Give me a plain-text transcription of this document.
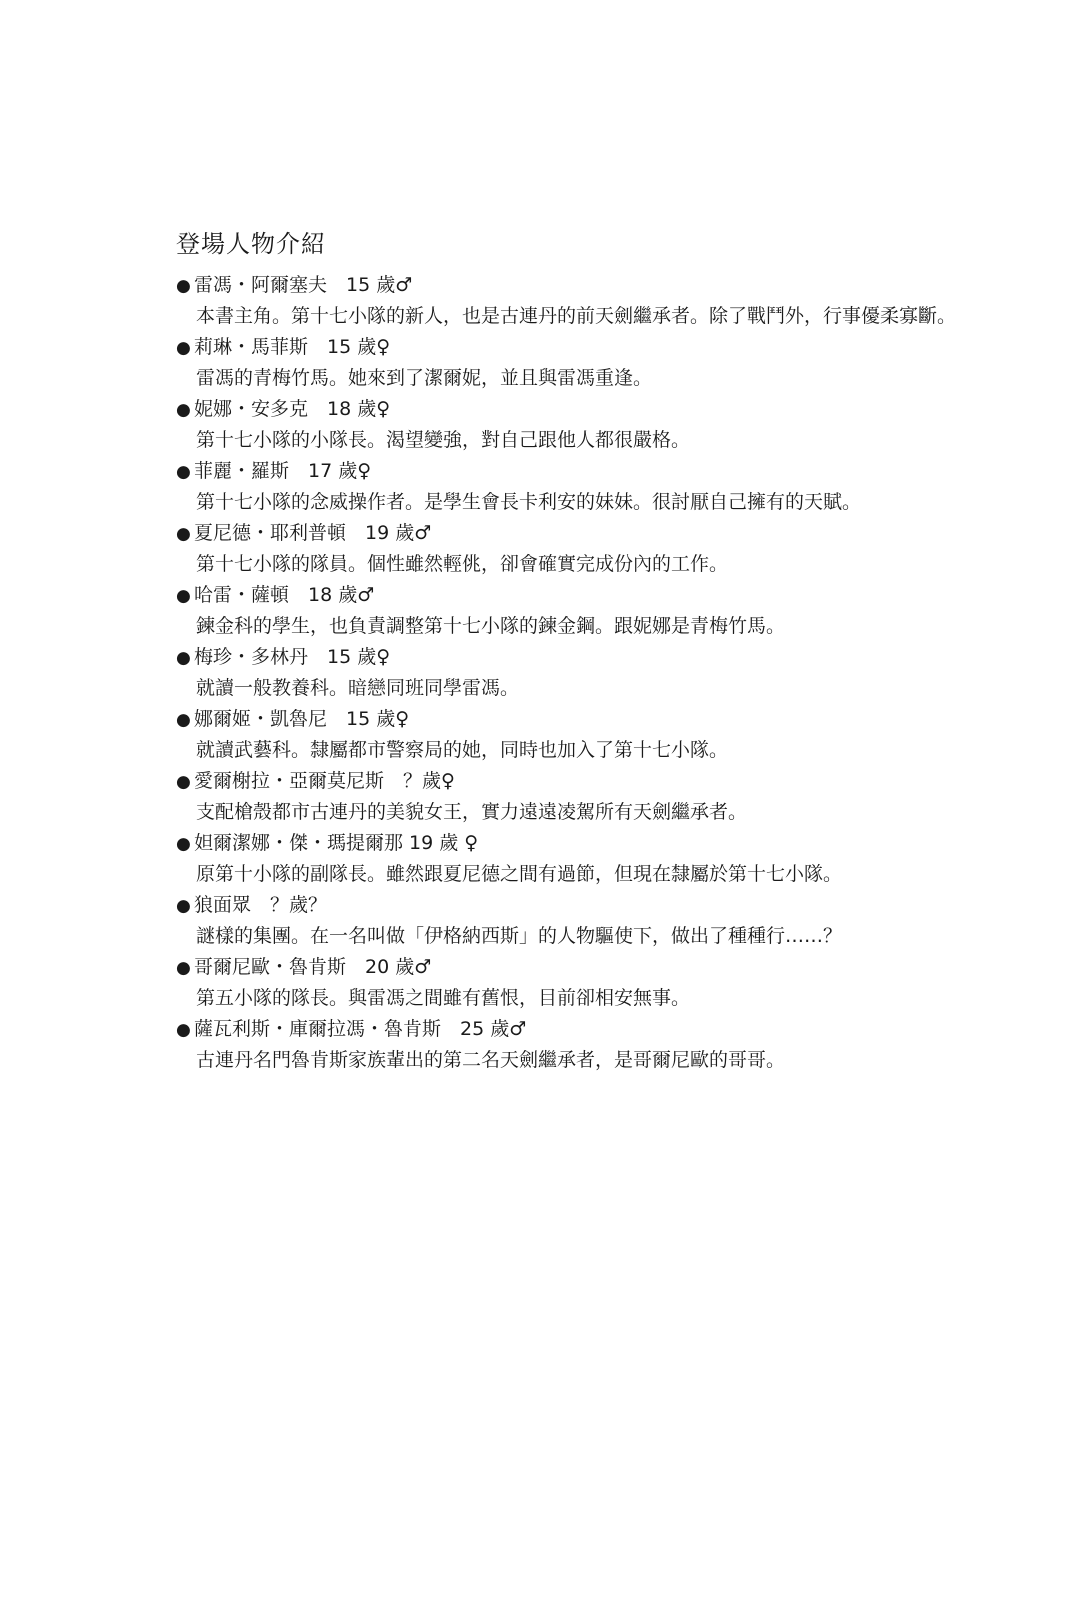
登場人物介紹
● 雷馮・阿爾塞夫　15 歲♂
本書主角。第十七小隊的新人，也是古連丹的前天劍繼承者。除了戰鬥外，行事優柔寡斷。
● 莉琳・馬菲斯　15 歲♀
雷馮的青梅竹馬。她來到了潔爾妮，並且與雷馮重逢。
● 妮娜・安多克　18 歲♀
第十七小隊的小隊長。渴望變強，對自己跟他人都很嚴格。
● 菲麗・羅斯　17 歲♀
第十七小隊的念威操作者。是學生會長卡利安的妹妹。很討厭自己擁有的天賦。
● 夏尼德・耶利普頓　19 歲♂
第十七小隊的隊員。個性雖然輕佻，卻會確實完成份內的工作。
● 哈雷・薩頓　18 歲♂
鍊金科的學生，也負責調整第十七小隊的鍊金鋼。跟妮娜是青梅竹馬。
● 梅珍・多林丹　15 歲♀
就讀一般教養科。暗戀同班同學雷馮。
● 娜爾姬・凱魯尼　15 歲♀
就讀武藝科。隸屬都市警察局的她，同時也加入了第十七小隊。
● 愛爾榭拉・亞爾莫尼斯　？歲♀
支配槍殼都市古連丹的美貌女王，實力遠遠凌駕所有天劍繼承者。
● 妲爾潔娜・傑・瑪提爾那 19 歲 ♀
原第十小隊的副隊長。雖然跟夏尼德之間有過節，但現在隸屬於第十七小隊。
● 狼面眾　？歲？
謎樣的集團。在一名叫做「伊格納西斯」的人物驅使下，做出了種種行……？
● 哥爾尼歐・魯肯斯　20 歲♂
第五小隊的隊長。與雷馮之間雖有舊恨，目前卻相安無事。
● 薩瓦利斯・庫爾拉馮・魯肯斯　25 歲♂
古連丹名門魯肯斯家族輩出的第二名天劍繼承者，是哥爾尼歐的哥哥。
